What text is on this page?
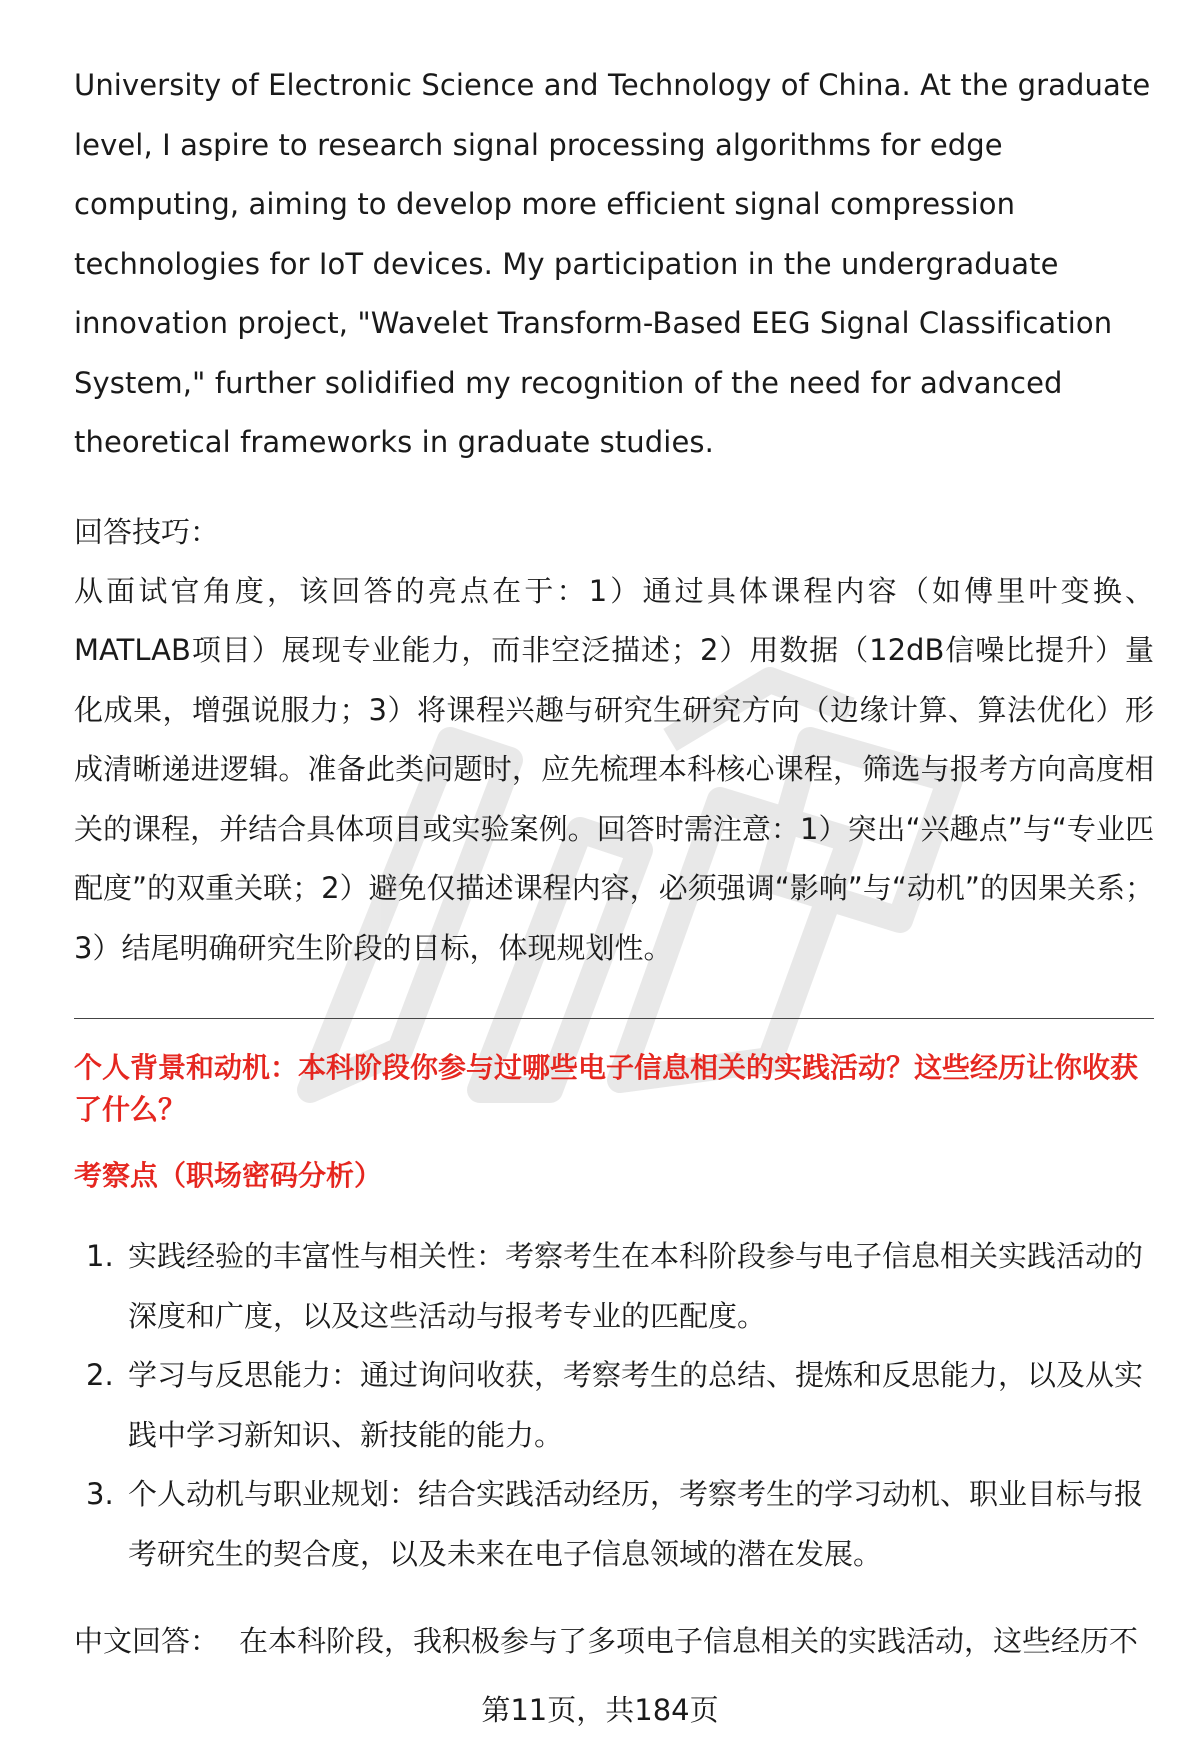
University of Electronic Science and Technology of China. At the graduate level, I aspire to research signal processing algorithms for edge computing, aiming to develop more efficient signal compression technologies for IoT devices. My participation in the undergraduate innovation project, "Wavelet Transform-Based EEG Signal Classification System," further solidified my recognition of the need for advanced theoretical frameworks in graduate studies.

回答技巧：

从面试官角度，该回答的亮点在于：1）通过具体课程内容（如傅里叶变换、MATLAB项目）展现专业能力，而非空泛描述；2）用数据（12dB信噪比提升）量化成果，增强说服力；3）将课程兴趣与研究生研究方向（边缘计算、算法优化）形成清晰递进逻辑。准备此类问题时，应先梳理本科核心课程，筛选与报考方向高度相关的课程，并结合具体项目或实验案例。回答时需注意：1）突出“兴趣点”与“专业匹配度”的双重关联；2）避免仅描述课程内容，必须强调“影响”与“动机”的因果关系；3）结尾明确研究生阶段的目标，体现规划性。

个人背景和动机：本科阶段你参与过哪些电子信息相关的实践活动？这些经历让你收获了什么？

考察点（职场密码分析）

1. 实践经验的丰富性与相关性：考察考生在本科阶段参与电子信息相关实践活动的深度和广度，以及这些活动与报考专业的匹配度。
2. 学习与反思能力：通过询问收获，考察考生的总结、提炼和反思能力，以及从实践中学习新知识、新技能的能力。
3. 个人动机与职业规划：结合实践活动经历，考察考生的学习动机、职业目标与报考研究生的契合度，以及未来在电子信息领域的潜在发展。

中文回答： 在本科阶段，我积极参与了多项电子信息相关的实践活动，这些经历不

第11页，共184页
